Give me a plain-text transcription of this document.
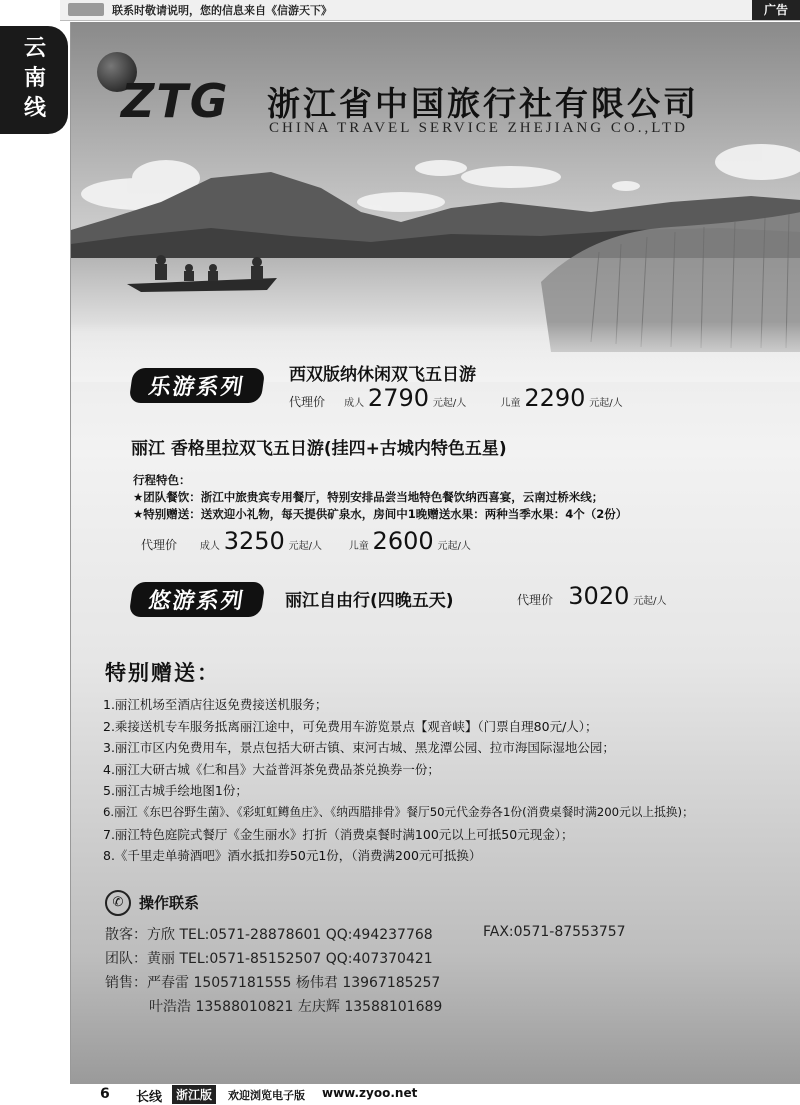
联系时敬请说明，您的信息来自《信游天下》	广告
云
南
线 ZTG 浙江省中国旅行社有限公司
CHINA TRAVEL SERVICE ZHEJIANG CO.,LTD
乐游系列	西双版纳休闲双飞五日游
代理价 成人 2790 元起/人	儿童 2290 元起/人
丽江 香格里拉双飞五日游(挂四+古城内特色五星)
行程特色：
★团队餐饮：浙江中旅贵宾专用餐厅，特别安排品尝当地特色餐饮纳西喜宴，云南过桥米线；
★特别赠送：送欢迎小礼物，每天提供矿泉水，房间中1晚赠送水果：两种当季水果：4个（2份）
代理价 成人 3250 元起/人	儿童 2600 元起/人
悠游系列	丽江自由行(四晚五天)	代理价 3020 元起/人
特别赠送：
1.丽江机场至酒店往返免费接送机服务；
2.乘接送机专车服务抵离丽江途中，可免费用车游览景点【观音峡】（门票自理80元/人）；
3.丽江市区内免费用车，景点包括大研古镇、束河古城、黑龙潭公园、拉市海国际湿地公园；
4.丽江大研古城《仁和昌》大益普洱茶免费品茶兑换券一份；
5.丽江古城手绘地图1份；
6.丽江《东巴谷野生菌》、《彩虹虹鳟鱼庄》、《纳西腊排骨》餐厅50元代金券各1份(消费桌餐时满200元以上抵换)；
7.丽江特色庭院式餐厅《金生丽水》打折（消费桌餐时满100元以上可抵50元现金）；
8.《千里走单骑酒吧》酒水抵扣券50元1份，（消费满200元可抵换）
✆	操作联系
散客：方欣 TEL:0571-28878601 QQ:494237768	FAX:0571-87553757
团队：黄丽 TEL:0571-85152507 QQ:407370421
销售：严春雷 15057181555 杨伟君 13967185257
叶浩浩 13588010821 左庆辉 13588101689
6 长线	浙江版	欢迎浏览电子版 www.zyoo.net
